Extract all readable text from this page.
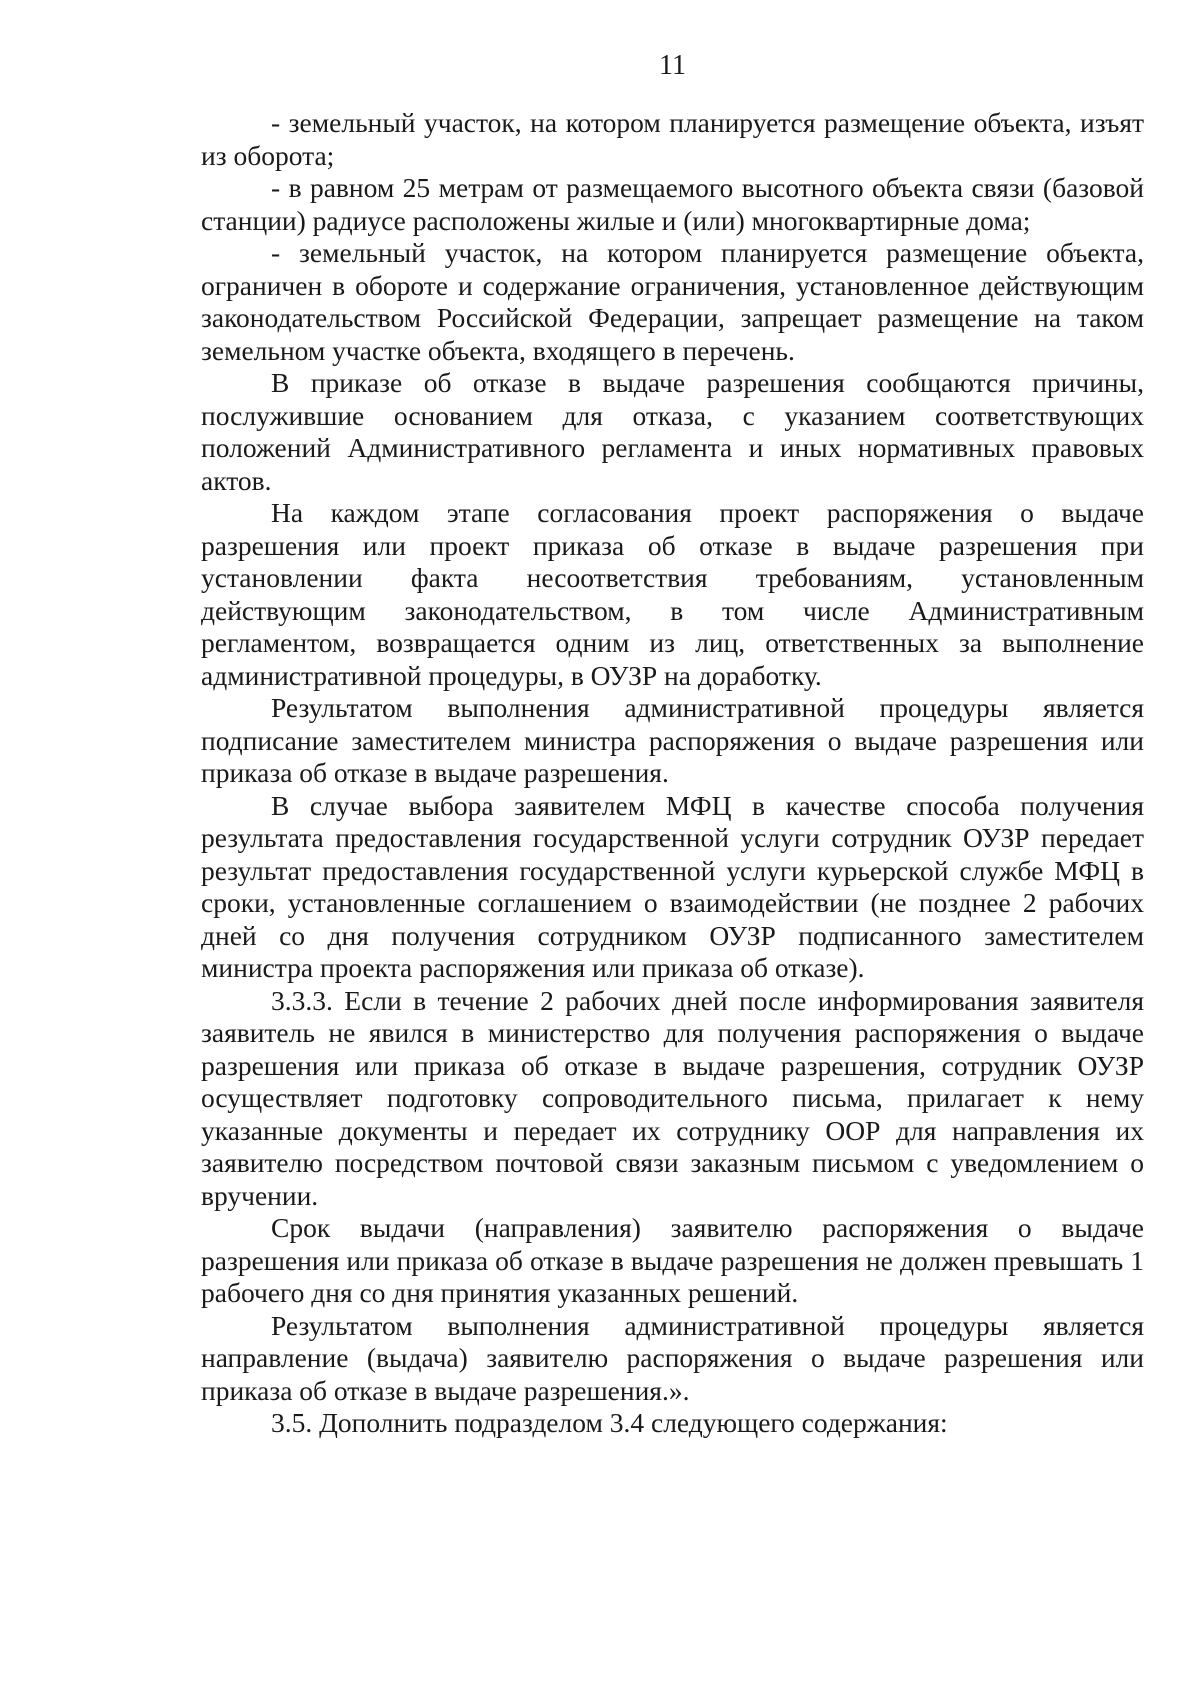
11

- земельный участок, на котором планируется размещение объекта, изъят из оборота;

- в равном 25 метрам от размещаемого высотного объекта связи (базовой станции) радиусе расположены жилые и (или) многоквартирные дома;

- земельный участок, на котором планируется размещение объекта, ограничен в обороте и содержание ограничения, установленное действующим законодательством Российской Федерации, запрещает размещение на таком земельном участке объекта, входящего в перечень.

В приказе об отказе в выдаче разрешения сообщаются причины, послужившие основанием для отказа, с указанием соответствующих положений Административного регламента и иных нормативных правовых актов.

На каждом этапе согласования проект распоряжения о выдаче разрешения или проект приказа об отказе в выдаче разрешения при установлении факта несоответствия требованиям, установленным действующим законодательством, в том числе Административным регламентом, возвращается одним из лиц, ответственных за выполнение административной процедуры, в ОУЗР на доработку.

Результатом выполнения административной процедуры является подписание заместителем министра распоряжения о выдаче разрешения или приказа об отказе в выдаче разрешения.

В случае выбора заявителем МФЦ в качестве способа получения результата предоставления государственной услуги сотрудник ОУЗР передает результат предоставления государственной услуги курьерской службе МФЦ в сроки, установленные соглашением о взаимодействии (не позднее 2 рабочих дней со дня получения сотрудником ОУЗР подписанного заместителем министра проекта распоряжения или приказа об отказе).

3.3.3. Если в течение 2 рабочих дней после информирования заявителя заявитель не явился в министерство для получения распоряжения о выдаче разрешения или приказа об отказе в выдаче разрешения, сотрудник ОУЗР осуществляет подготовку сопроводительного письма, прилагает к нему указанные документы и передает их сотруднику ООР для направления их заявителю посредством почтовой связи заказным письмом с уведомлением о вручении.

Срок выдачи (направления) заявителю распоряжения о выдаче разрешения или приказа об отказе в выдаче разрешения не должен превышать 1 рабочего дня со дня принятия указанных решений.

Результатом выполнения административной процедуры является направление (выдача) заявителю распоряжения о выдаче разрешения или приказа об отказе в выдаче разрешения.».

3.5. Дополнить подразделом 3.4 следующего содержания:
